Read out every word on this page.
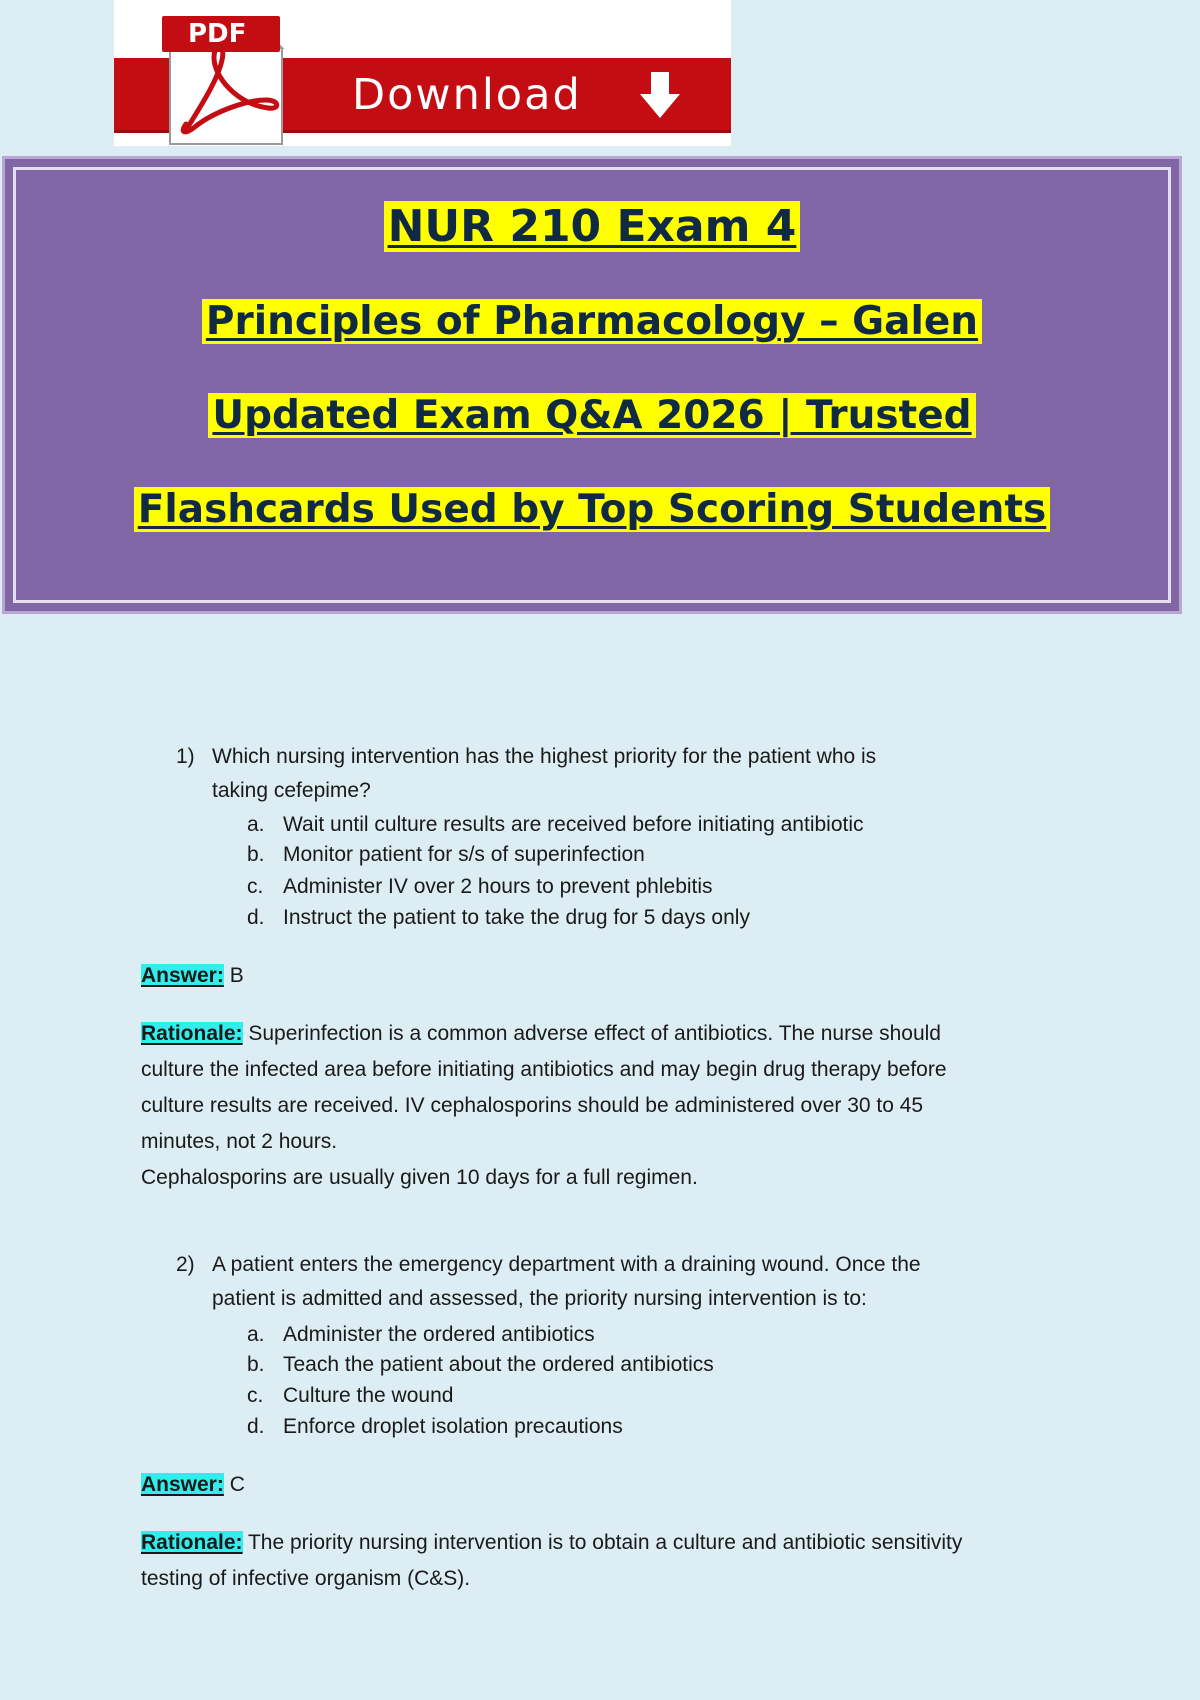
Download
PDF
NUR 210 Exam 4
Principles of Pharmacology – Galen
Updated Exam Q&A 2026 | Trusted
Flashcards Used by Top Scoring Students
1) Which nursing intervention has the highest priority for the patient who is
taking cefepime?
a. Wait until culture results are received before initiating antibiotic
b. Monitor patient for s/s of superinfection
c. Administer IV over 2 hours to prevent phlebitis
d. Instruct the patient to take the drug for 5 days only
Answer: B
Rationale: Superinfection is a common adverse effect of antibiotics. The nurse should
culture the infected area before initiating antibiotics and may begin drug therapy before
culture results are received. IV cephalosporins should be administered over 30 to 45
minutes, not 2 hours.
Cephalosporins are usually given 10 days for a full regimen.
2) A patient enters the emergency department with a draining wound. Once the
patient is admitted and assessed, the priority nursing intervention is to:
a. Administer the ordered antibiotics
b. Teach the patient about the ordered antibiotics
c. Culture the wound
d. Enforce droplet isolation precautions
Answer: C
Rationale: The priority nursing intervention is to obtain a culture and antibiotic sensitivity
testing of infective organism (C&S).
